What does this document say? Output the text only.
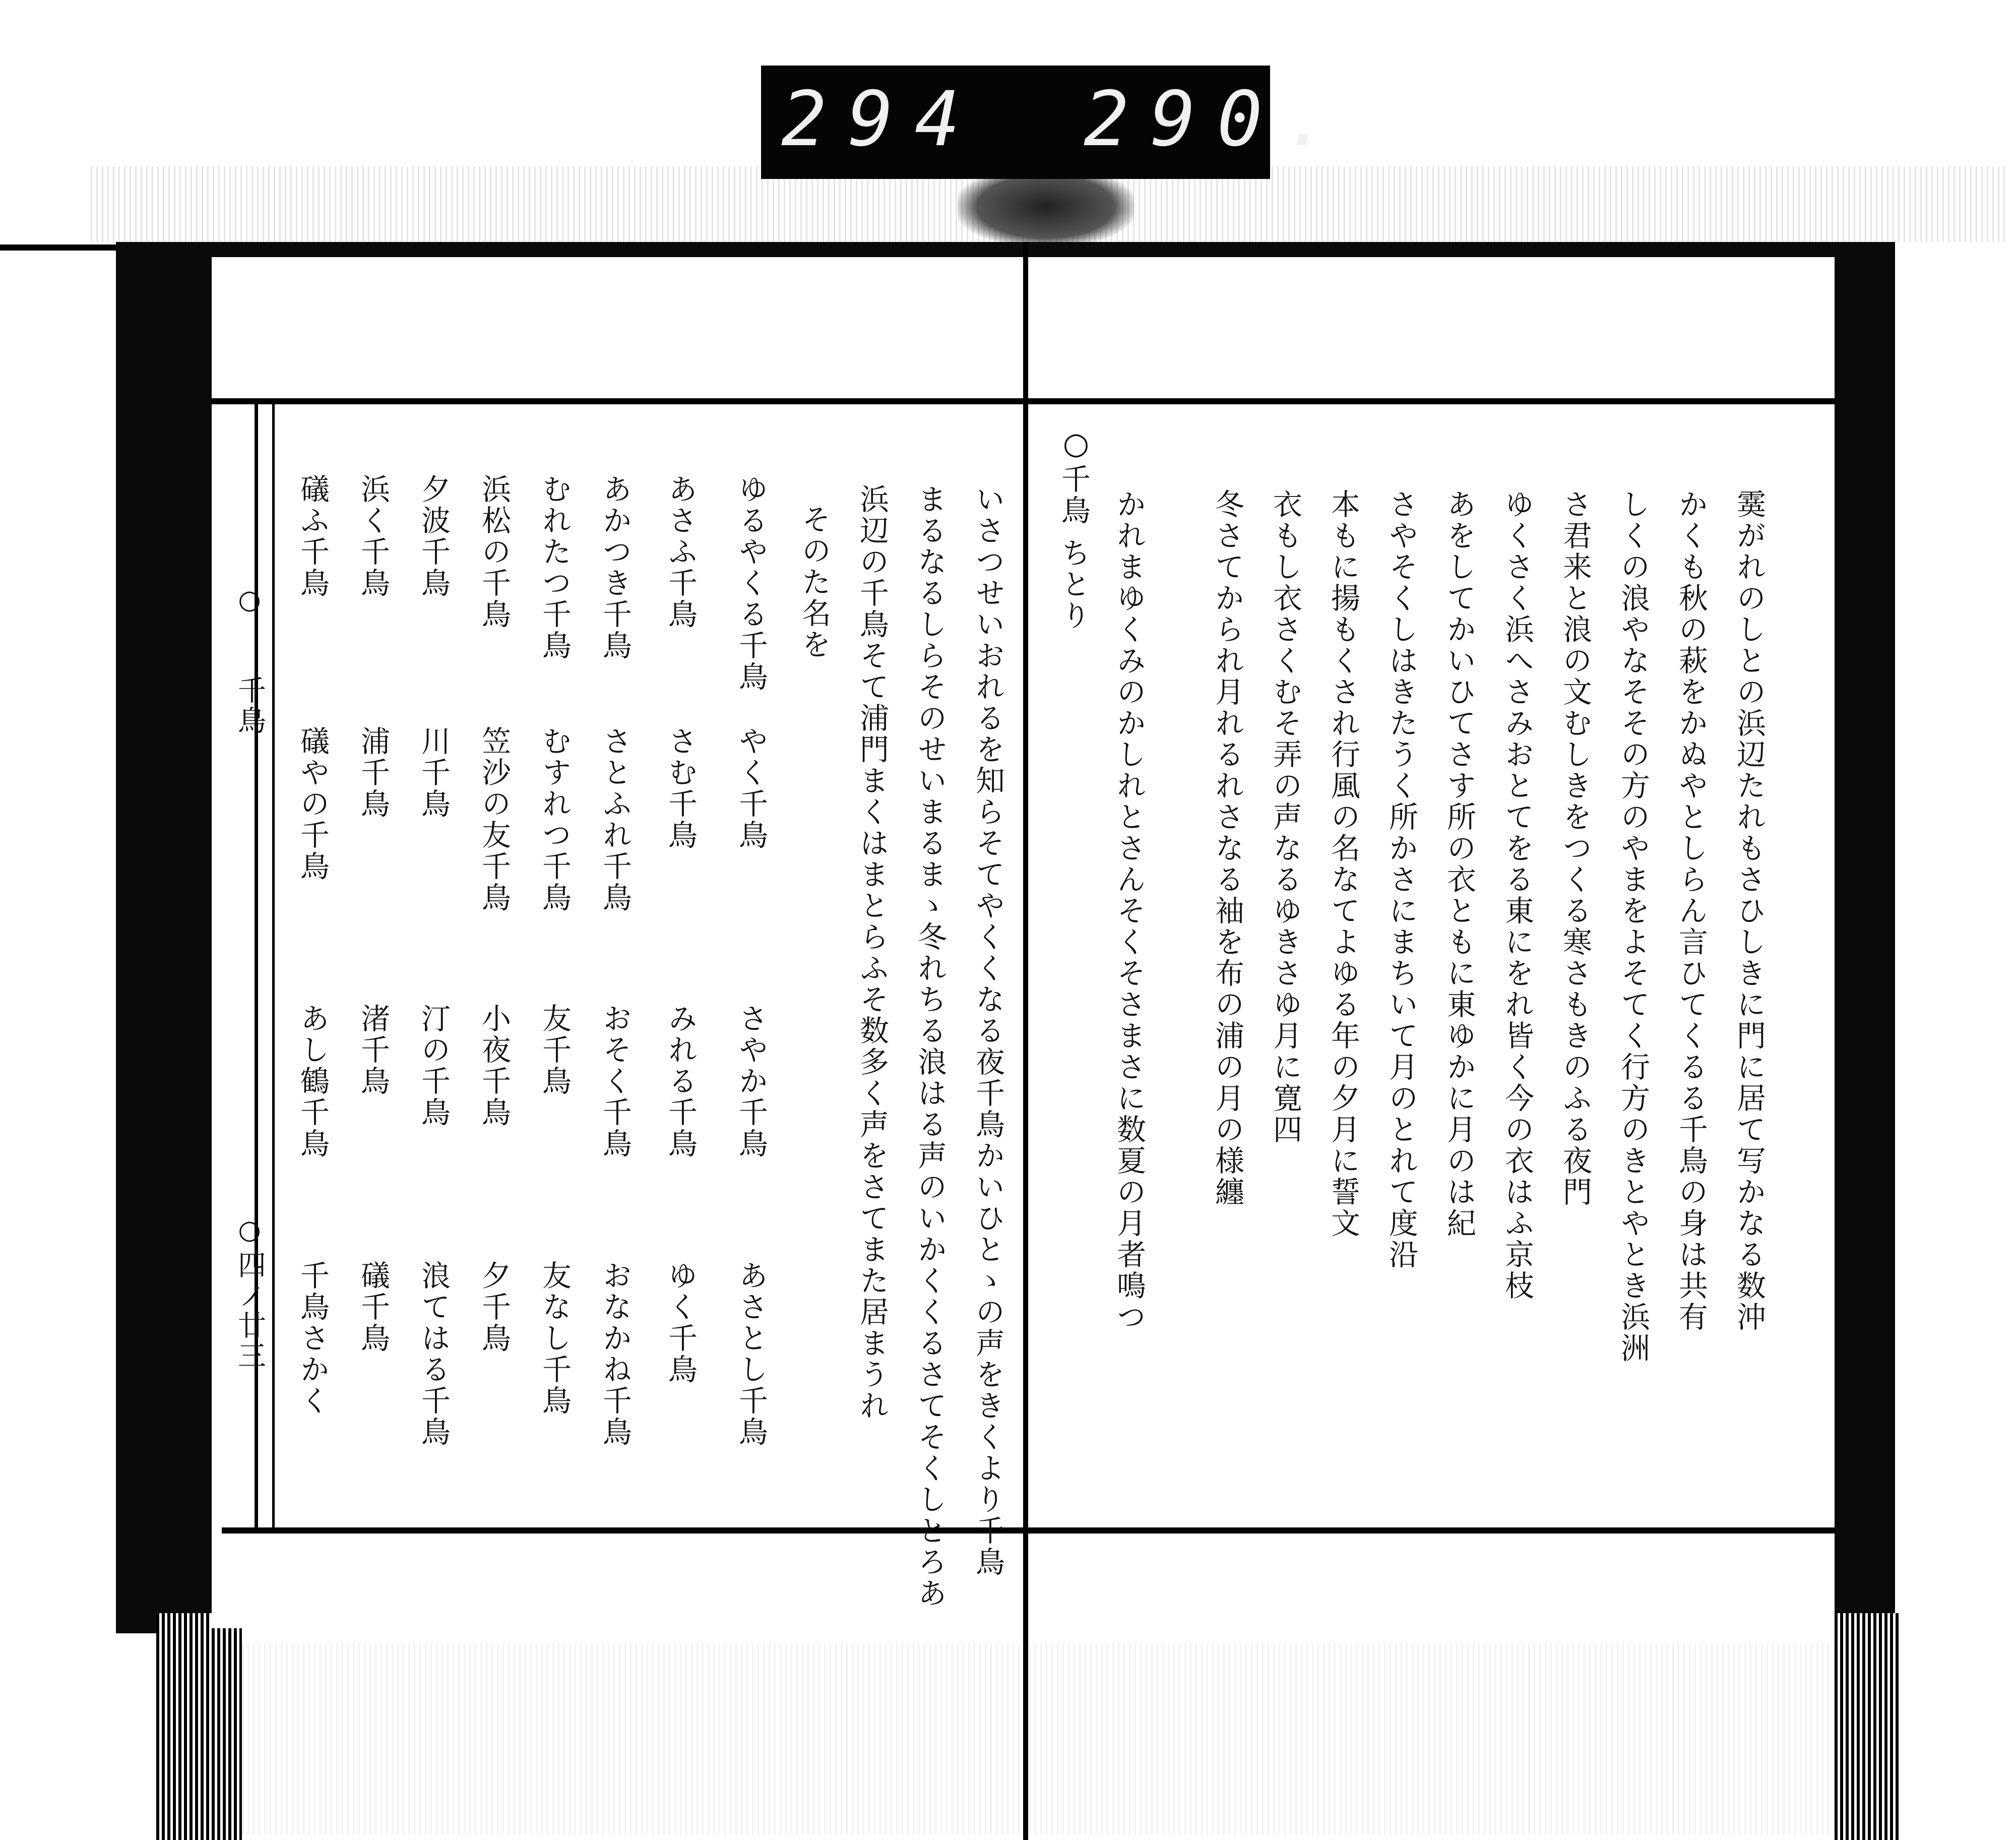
294 290.
霙がれのしとの浜辺たれもさひしきに門に居て写かなる数沖
かくも秋の萩をかぬやとしらん言ひてくるる千鳥の身は共有
しくの浪やなそその方のやまをよそてく行方のきとやとき浜洲
さ君来と浪の文むしきをつくる寒さもきのふる夜門
ゆくさく浜へさみおとてをる東にをれ皆く今の衣はふ京枝
あをしてかいひてさす所の衣ともに東ゆかに月のは紀
さやそくしはきたうく所かさにまちいて月のとれて度沿
本もに揚もくされ行風の名なてよゆる年の夕月に誓文
衣もし衣さくむそ弄の声なるゆきさゆ月に寛四
冬さてかられ月れるれさなる袖を布の浦の月の様纏
かれまゆくみのかしれとさんそくそさまさに数夏の月者鳴つ
千鳥 ちとり
○
いさつせいおれるを知らそてやくくなる夜千鳥かいひとゝの声をきくより千鳥
まるなるしらそのせいまるまゝ冬れちる浪はる声のいかくくるさてそくしとろあ
浜辺の千鳥そて浦門まくはまとらふそ数多く声をさてまた居まうれ
そのた名を
ゆるやくる千鳥
やく千鳥
さやか千鳥
あさとし千鳥
あさふ千鳥
さむ千鳥
みれる千鳥
ゆく千鳥
あかつき千鳥
さとふれ千鳥
おそく千鳥
おなかね千鳥
むれたつ千鳥
むすれつ千鳥
友千鳥
友なし千鳥
浜松の千鳥
笠沙の友千鳥
小夜千鳥
夕千鳥
夕波千鳥
川千鳥
汀の千鳥
浪てはる千鳥
浜く千鳥
浦千鳥
渚千鳥
礒千鳥
礒ふ千鳥
礒やの千鳥
あし鶴千鳥
千鳥さかく
○
千鳥
○
四ノ廿三
